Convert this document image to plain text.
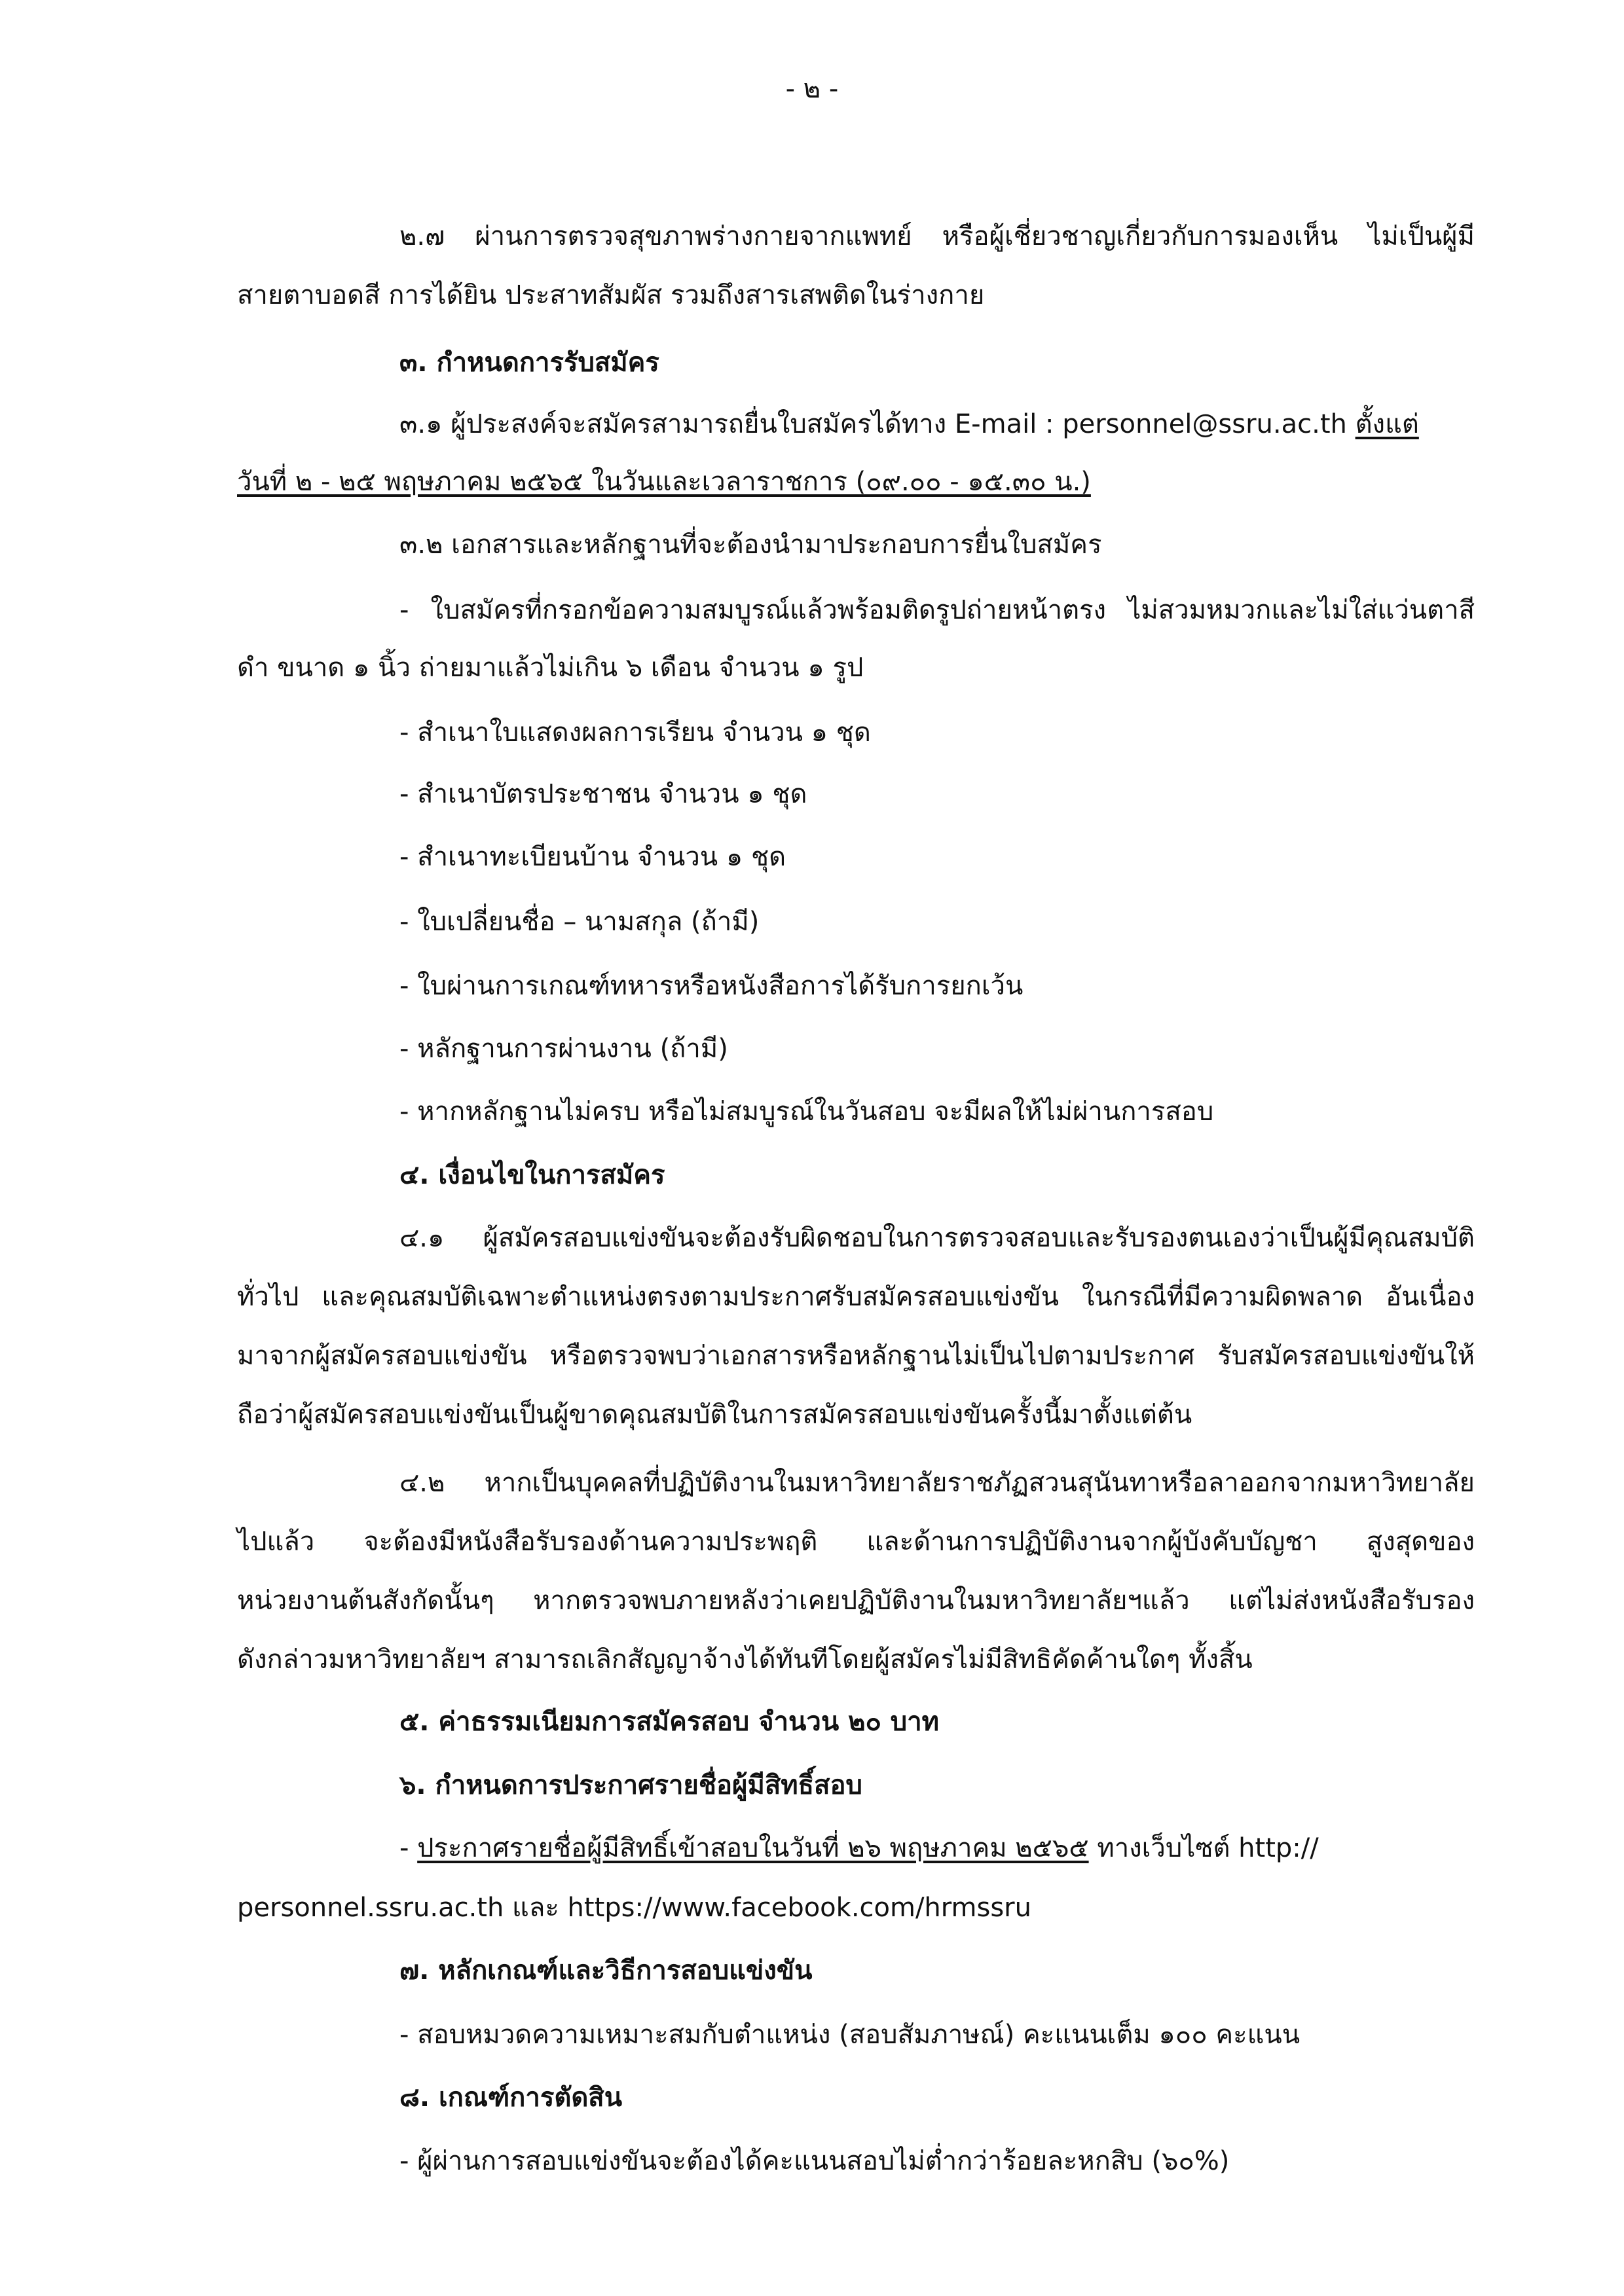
- ๒ -
๒.๗ ผ่านการตรวจสุขภาพร่างกายจากแพทย์ หรือผู้เชี่ยวชาญเกี่ยวกับการมองเห็น ไม่เป็นผู้มี
สายตาบอดสี การได้ยิน ประสาทสัมผัส รวมถึงสารเสพติดในร่างกาย
๓. กำหนดการรับสมัคร
๓.๑ ผู้ประสงค์จะสมัครสามารถยื่นใบสมัครได้ทาง E-mail : personnel@ssru.ac.th ตั้งแต่
วันที่ ๒ - ๒๕ พฤษภาคม ๒๕๖๕ ในวันและเวลาราชการ (๐๙.๐๐ - ๑๕.๓๐ น.)
๓.๒ เอกสารและหลักฐานที่จะต้องนำมาประกอบการยื่นใบสมัคร
- ใบสมัครที่กรอกข้อความสมบูรณ์แล้วพร้อมติดรูปถ่ายหน้าตรง ไม่สวมหมวกและไม่ใส่แว่นตาสี
ดำ ขนาด ๑ นิ้ว ถ่ายมาแล้วไม่เกิน ๖ เดือน จำนวน ๑ รูป
- สำเนาใบแสดงผลการเรียน จำนวน ๑ ชุด
- สำเนาบัตรประชาชน จำนวน ๑ ชุด
- สำเนาทะเบียนบ้าน จำนวน ๑ ชุด
- ใบเปลี่ยนชื่อ – นามสกุล (ถ้ามี)
- ใบผ่านการเกณฑ์ทหารหรือหนังสือการได้รับการยกเว้น
- หลักฐานการผ่านงาน (ถ้ามี)
- หากหลักฐานไม่ครบ หรือไม่สมบูรณ์ในวันสอบ จะมีผลให้ไม่ผ่านการสอบ
๔. เงื่อนไขในการสมัคร
๔.๑ ผู้สมัครสอบแข่งขันจะต้องรับผิดชอบในการตรวจสอบและรับรองตนเองว่าเป็นผู้มีคุณสมบัติ
ทั่วไป และคุณสมบัติเฉพาะตำแหน่งตรงตามประกาศรับสมัครสอบแข่งขัน ในกรณีที่มีความผิดพลาด อันเนื่อง
มาจากผู้สมัครสอบแข่งขัน หรือตรวจพบว่าเอกสารหรือหลักฐานไม่เป็นไปตามประกาศ รับสมัครสอบแข่งขันให้
ถือว่าผู้สมัครสอบแข่งขันเป็นผู้ขาดคุณสมบัติในการสมัครสอบแข่งขันครั้งนี้มาตั้งแต่ต้น
๔.๒ หากเป็นบุคคลที่ปฏิบัติงานในมหาวิทยาลัยราชภัฏสวนสุนันทาหรือลาออกจากมหาวิทยาลัย
ไปแล้ว จะต้องมีหนังสือรับรองด้านความประพฤติ และด้านการปฏิบัติงานจากผู้บังคับบัญชา สูงสุดของ
หน่วยงานต้นสังกัดนั้นๆ หากตรวจพบภายหลังว่าเคยปฏิบัติงานในมหาวิทยาลัยฯแล้ว แต่ไม่ส่งหนังสือรับรอง
ดังกล่าวมหาวิทยาลัยฯ สามารถเลิกสัญญาจ้างได้ทันทีโดยผู้สมัครไม่มีสิทธิคัดค้านใดๆ ทั้งสิ้น
๕. ค่าธรรมเนียมการสมัครสอบ จำนวน ๒๐ บาท
๖. กำหนดการประกาศรายชื่อผู้มีสิทธิ์สอบ
- ประกาศรายชื่อผู้มีสิทธิ์เข้าสอบในวันที่ ๒๖ พฤษภาคม ๒๕๖๕ ทางเว็บไซต์ http://
personnel.ssru.ac.th และ https://www.facebook.com/hrmssru
๗. หลักเกณฑ์และวิธีการสอบแข่งขัน
- สอบหมวดความเหมาะสมกับตำแหน่ง (สอบสัมภาษณ์) คะแนนเต็ม ๑๐๐ คะแนน
๘. เกณฑ์การตัดสิน
- ผู้ผ่านการสอบแข่งขันจะต้องได้คะแนนสอบไม่ต่ำกว่าร้อยละหกสิบ (๖๐%)
